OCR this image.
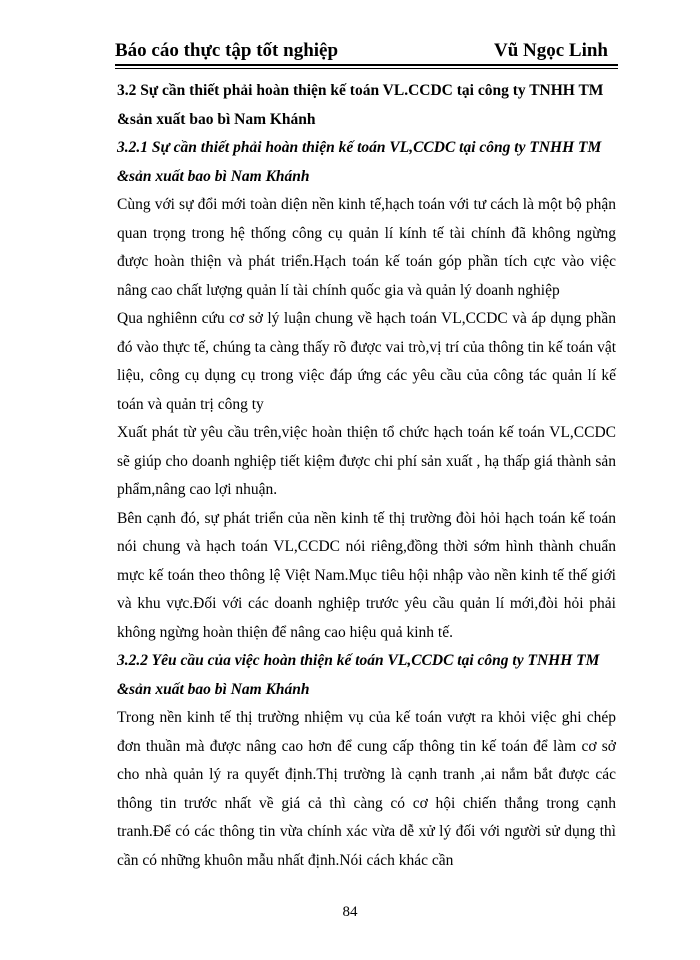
Báo cáo thực tập tốt nghiệp	Vũ Ngọc Linh

3.2 Sự cần thiết phải hoàn thiện kế toán VL.CCDC tại công ty TNHH TM &sản xuất bao bì Nam Khánh

3.2.1 Sự cần thiết phải hoàn thiện kế toán VL,CCDC tại công ty TNHH TM &sản xuất bao bì Nam Khánh

Cùng với sự đổi mới toàn diện nền kinh tế,hạch toán với tư cách là một bộ phận quan trọng trong hệ thống công cụ quản lí kính tế tài chính đã không ngừng được hoàn thiện và phát triển.Hạch toán kế toán góp phần tích cực vào việc nâng cao chất lượng quản lí tài chính quốc gia và quản lý doanh nghiệp

Qua nghiênn cứu cơ sở lý luận chung về hạch toán VL,CCDC và áp dụng phần đó vào thực tế, chúng ta càng thấy rõ được vai trò,vị trí của thông tin kế toán vật liệu, công cụ dụng cụ trong việc đáp ứng các yêu cầu của công tác quản lí kế toán và quản trị công ty

Xuất phát từ yêu cầu trên,việc hoàn thiện tổ chức hạch toán kế toán VL,CCDC sẽ giúp cho doanh nghiệp tiết kiệm được chi phí sản xuất , hạ thấp giá thành sản phẩm,nâng cao lợi nhuận.

Bên cạnh đó, sự phát triển của nền kinh tế thị trường đòi hỏi hạch toán kế toán nói chung và hạch toán VL,CCDC nói riêng,đồng thời sớm hình thành chuẩn mực kế toán theo thông lệ Việt Nam.Mục tiêu hội nhập vào nền kinh tế thế giới và khu vực.Đối với các doanh nghiệp trước yêu cầu quản lí mới,đòi hỏi phải không ngừng hoàn thiện để nâng cao hiệu quả kinh tế.

3.2.2 Yêu cầu của việc hoàn thiện kế toán VL,CCDC tại công ty TNHH TM &sản xuất bao bì Nam Khánh

Trong nền kinh tế thị trường nhiệm vụ của kế toán vượt ra khỏi việc ghi chép đơn thuần mà được nâng cao hơn để cung cấp thông tin kế toán để làm cơ sở cho nhà quản lý ra quyết định.Thị trường là cạnh tranh ,ai nắm bắt được các thông tin trước nhất về giá cả thì càng có cơ hội chiến thắng trong cạnh tranh.Để có các thông tin vừa chính xác vừa dễ xử lý đối với người sử dụng thì cần có những khuôn mẫu nhất định.Nói cách khác cần

84
